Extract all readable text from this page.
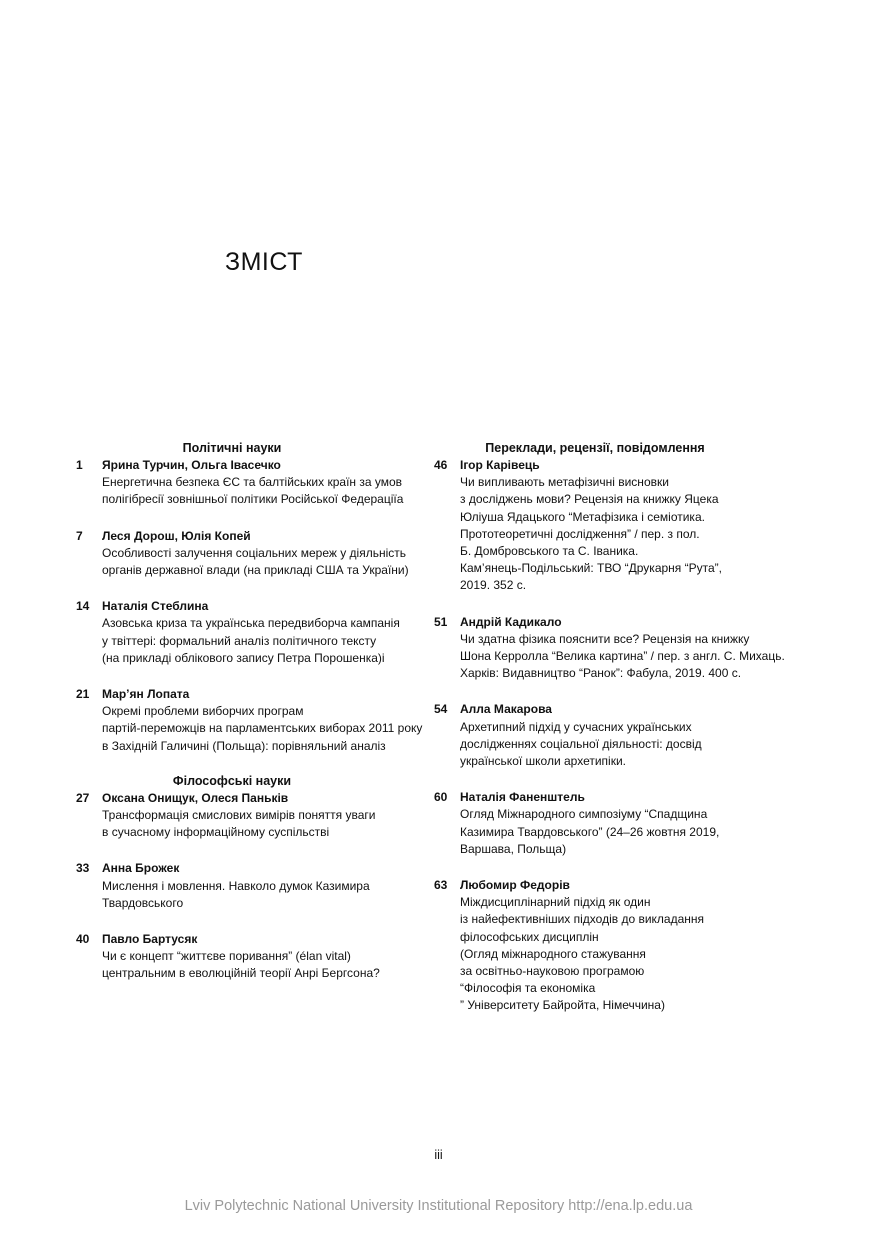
ЗМІСТ
Політичні науки
1 Ярина Турчин, Ольга Івасечко
Енергетична безпека ЄС та балтійських країн за умов
полігібресії зовнішньої політики Російської Федераціїа
7 Леся Дорош, Юлія Копей
Особливості залучення соціальних мереж у діяльність
органів державної влади (на прикладі США та України)
14 Наталія Стеблина
Азовська криза та українська передвиборча кампанія
у твіттері: формальний аналіз політичного тексту
(на прикладі облікового запису Петра Порошенка)і
21 Мар’ян Лопата
Окремі проблеми виборчих програм
партій-переможців на парламентських виборах 2011 року
в Західній Галичині (Польща): порівняльний аналіз
Філософські науки
27 Оксана Онищук, Олеся Паньків
Трансформація смислових вимірів поняття уваги
в сучасному інформаційному суспільстві
33 Анна Брожек
Мислення і мовлення. Навколо думок Казимира
Твардовського
40 Павло Бартусяк
Чи є концепт “життєве поривання” (élan vital)
центральним в еволюційній теорії Анрі Бергсона?
Переклади, рецензії, повідомлення
46 Ігор Карівець
Чи випливають метафізичні висновки
з досліджень мови? Рецензія на книжку Яцека
Юліуша Ядацького “Метафізика і семіотика.
Прототеоретичні дослідження” / пер. з пол.
Б. Домбровського та С. Іваника.
Кам’янець-Подільський: ТВО “Друкарня “Рута”,
2019. 352 с.
51 Андрій Кадикало
Чи здатна фізика пояснити все? Рецензія на книжку
Шона Керролла “Велика картина” / пер. з англ. С. Михаць.
Харків: Видавництво “Ранок”: Фабула, 2019. 400 с.
54 Алла Макарова
Архетипний підхід у сучасних українських
дослідженнях соціальної діяльності: досвід
української школи архетипіки.
60 Наталія Фаненштель
Огляд Міжнародного симпозіуму “Спадщина
Казимира Твардовського” (24–26 жовтня 2019,
Варшава, Польща)
63 Любомир Федорів
Міждисциплінарний підхід як один
із найефективніших підходів до викладання
філософських дисциплін
(Огляд міжнародного стажування
за освітньо-науковою програмою
“Філософія та економіка
” Університету Байройта, Німеччина)
iii
Lviv Polytechnic National University Institutional Repository http://ena.lp.edu.ua
